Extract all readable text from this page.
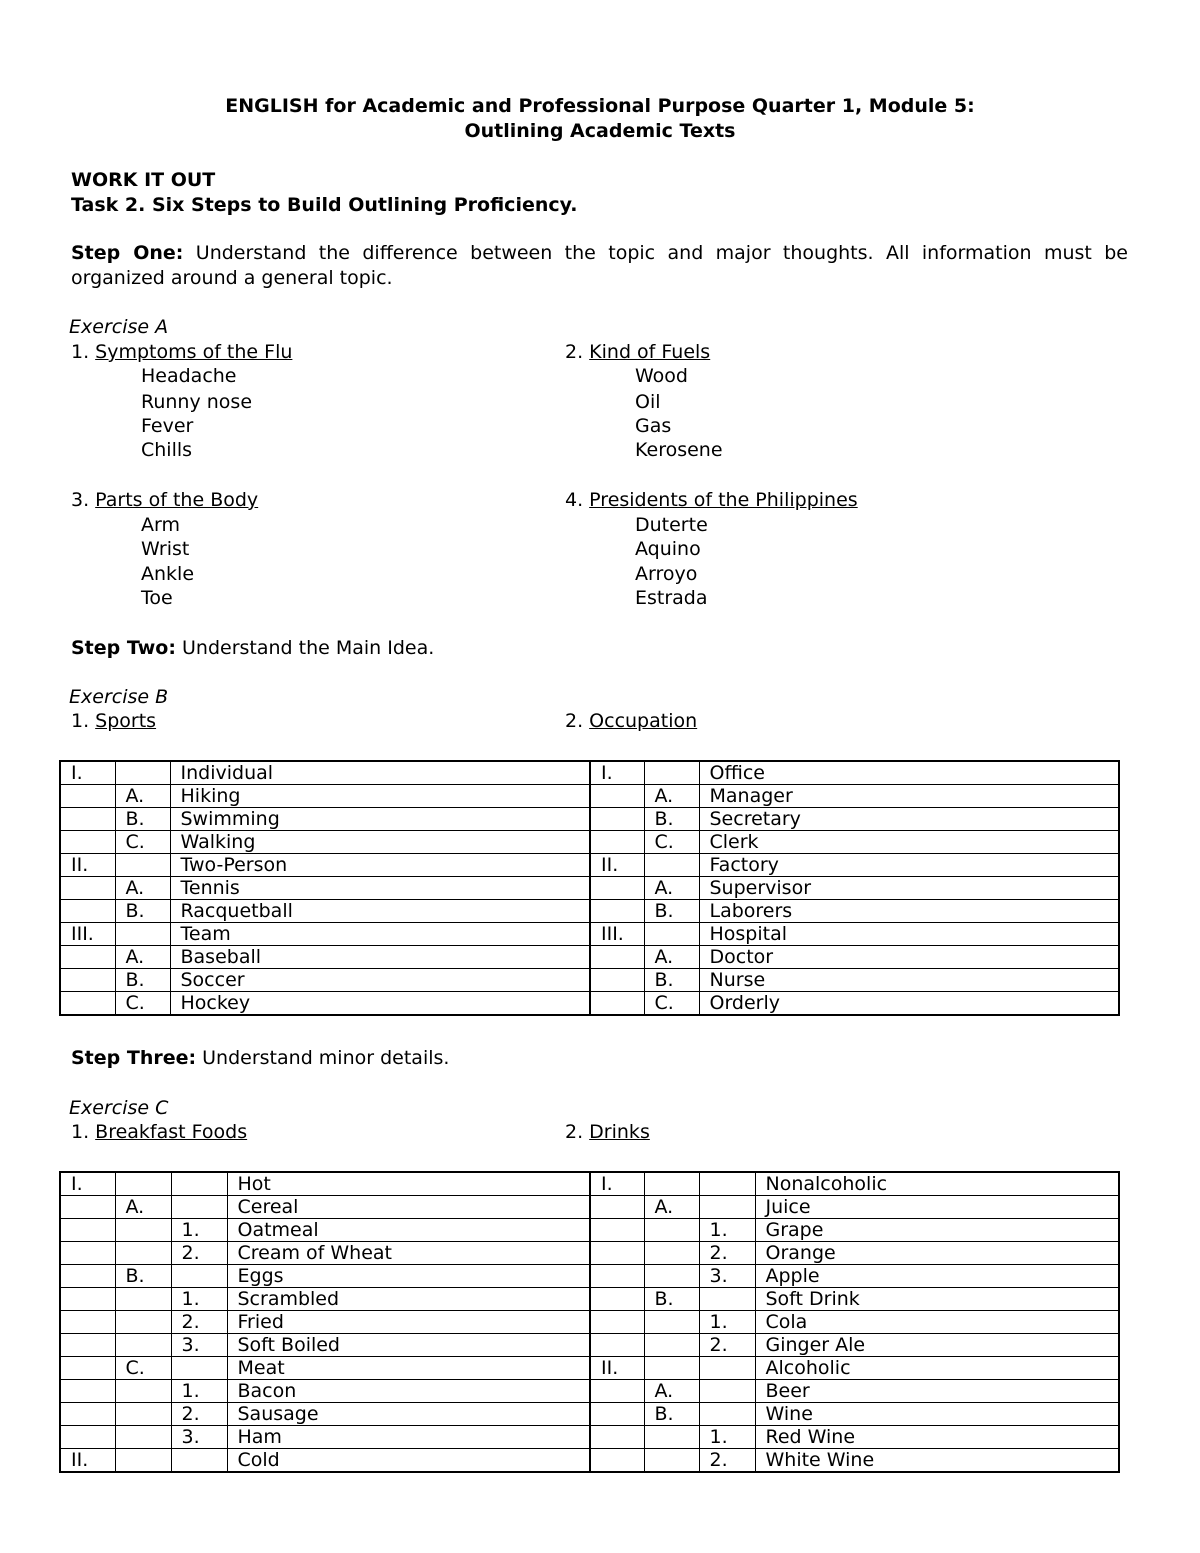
ENGLISH for Academic and Professional Purpose Quarter 1, Module 5:
Outlining Academic Texts
WORK IT OUT
Task 2. Six Steps to Build Outlining Proficiency.
Step One: Understand the difference between the topic and major thoughts. All information must be organized around a general topic.
Exercise A
1. Symptoms of the Flu
Headache
Runny nose
Fever
Chills
2. Kind of Fuels
Wood
Oil
Gas
Kerosene
3. Parts of the Body
Arm
Wrist
Ankle
Toe
4. Presidents of the Philippines
Duterte
Aquino
Arroyo
Estrada
Step Two: Understand the Main Idea.
Exercise B
1. Sports	2. Occupation
I.		Individual	I.		Office
	A.	Hiking		A.	Manager
	B.	Swimming		B.	Secretary
	C.	Walking		C.	Clerk
II.		Two-Person	II.		Factory
	A.	Tennis		A.	Supervisor
	B.	Racquetball		B.	Laborers
III.		Team	III.		Hospital
	A.	Baseball		A.	Doctor
	B.	Soccer		B.	Nurse
	C.	Hockey		C.	Orderly
Step Three: Understand minor details.
Exercise C
1. Breakfast Foods	2. Drinks
I.			Hot	I.			Nonalcoholic
	A.		Cereal		A.		Juice
		1.	Oatmeal			1.	Grape
		2.	Cream of Wheat			2.	Orange
	B.		Eggs			3.	Apple
		1.	Scrambled		B.		Soft Drink
		2.	Fried			1.	Cola
		3.	Soft Boiled			2.	Ginger Ale
	C.		Meat	II.			Alcoholic
		1.	Bacon		A.		Beer
		2.	Sausage		B.		Wine
		3.	Ham			1.	Red Wine
II.			Cold			2.	White Wine
